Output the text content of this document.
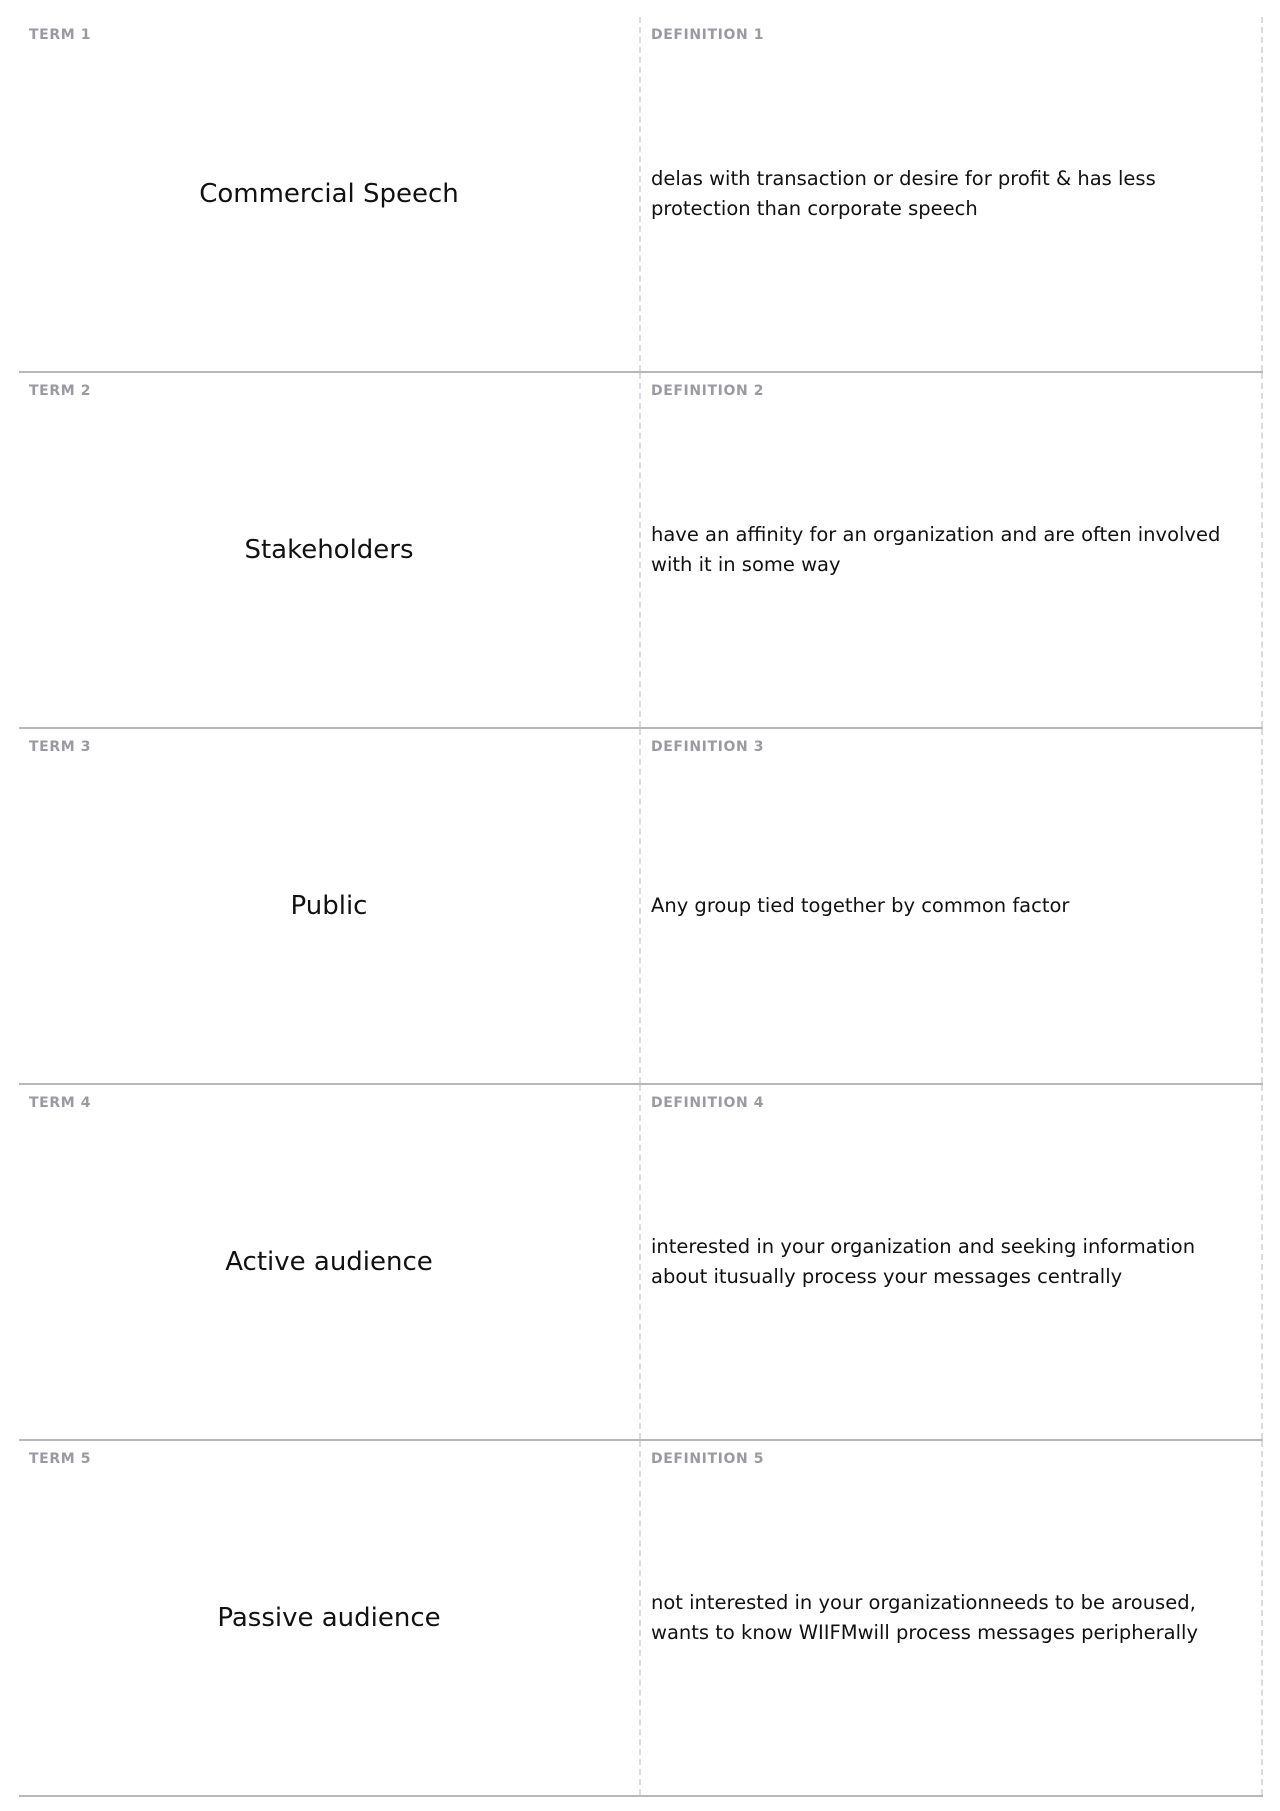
TERM 1
Commercial Speech
DEFINITION 1
delas with transaction or desire for profit & has less protection than corporate speech
TERM 2
Stakeholders
DEFINITION 2
have an affinity for an organization and are often involved with it in some way
TERM 3
Public
DEFINITION 3
Any group tied together by common factor
TERM 4
Active audience
DEFINITION 4
interested in your organization and seeking information about itusually process your messages centrally
TERM 5
Passive audience
DEFINITION 5
not interested in your organizationneeds to be aroused, wants to know WIIFMwill process messages peripherally
